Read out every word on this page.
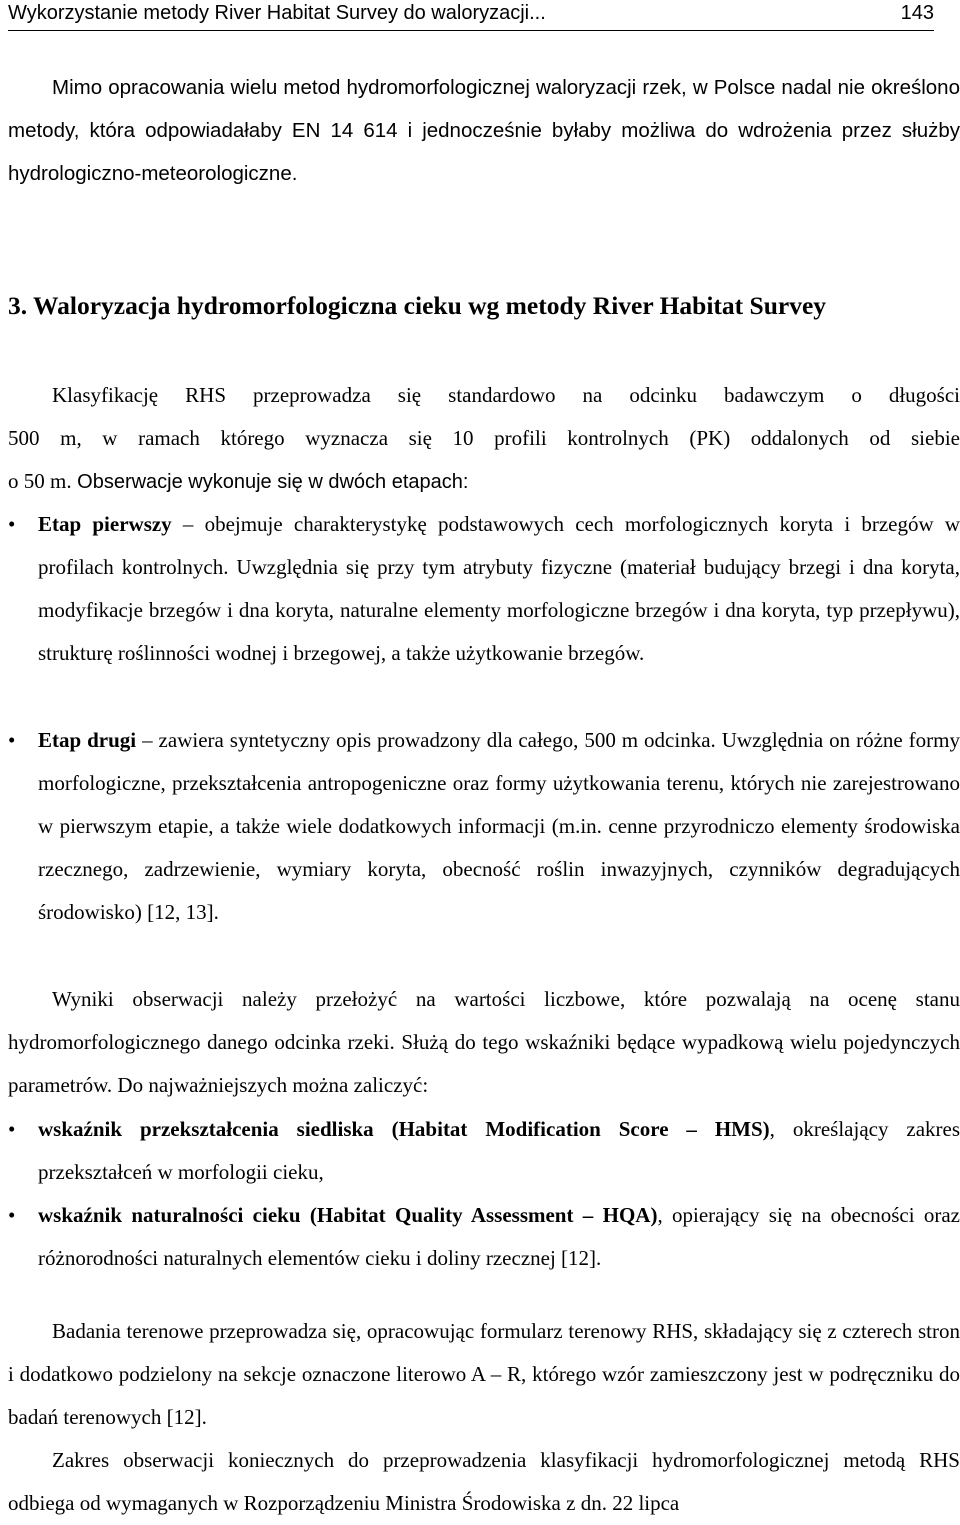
Wykorzystanie metody River Habitat Survey do waloryzacji...	143
Mimo opracowania wielu metod hydromorfologicznej waloryzacji rzek, w Polsce nadal nie określono metody, która odpowiadałaby EN 14 614 i jednocześnie byłaby możliwa do wdrożenia przez służby hydrologiczno-meteorologiczne.
3. Waloryzacja hydromorfologiczna cieku wg metody River Habitat Survey
Klasyfikację RHS przeprowadza się standardowo na odcinku badawczym o długości
500 m, w ramach którego wyznacza się 10 profili kontrolnych (PK) oddalonych od siebie
o 50 m. Obserwacje wykonuje się w dwóch etapach:
•	Etap pierwszy – obejmuje charakterystykę podstawowych cech morfologicznych koryta i brzegów w profilach kontrolnych. Uwzględnia się przy tym atrybuty fizyczne (materiał budujący brzegi i dna koryta, modyfikacje brzegów i dna koryta, naturalne elementy morfologiczne brzegów i dna koryta, typ przepływu), strukturę roślinności wodnej i brzegowej, a także użytkowanie brzegów.
•	Etap drugi – zawiera syntetyczny opis prowadzony dla całego, 500 m odcinka. Uwzględnia on różne formy morfologiczne, przekształcenia antropogeniczne oraz formy użytkowania terenu, których nie zarejestrowano w pierwszym etapie, a także wiele dodatkowych informacji (m.in. cenne przyrodniczo elementy środowiska rzecznego, zadrzewienie, wymiary koryta, obecność roślin inwazyjnych, czynników degradujących środowisko) [12, 13].
Wyniki obserwacji należy przełożyć na wartości liczbowe, które pozwalają na ocenę stanu hydromorfologicznego danego odcinka rzeki. Służą do tego wskaźniki będące wypadkową wielu pojedynczych parametrów. Do najważniejszych można zaliczyć:
•	wskaźnik przekształcenia siedliska (Habitat Modification Score – HMS), określający zakres przekształceń w morfologii cieku,
•	wskaźnik naturalności cieku (Habitat Quality Assessment – HQA), opierający się na obecności oraz różnorodności naturalnych elementów cieku i doliny rzecznej [12].
Badania terenowe przeprowadza się, opracowując formularz terenowy RHS, składający się z czterech stron i dodatkowo podzielony na sekcje oznaczone literowo A – R, którego wzór zamieszczony jest w podręczniku do badań terenowych [12].
Zakres obserwacji koniecznych do przeprowadzenia klasyfikacji hydromorfologicznej metodą RHS odbiega od wymaganych w Rozporządzeniu Ministra Środowiska z dn. 22 lipca
